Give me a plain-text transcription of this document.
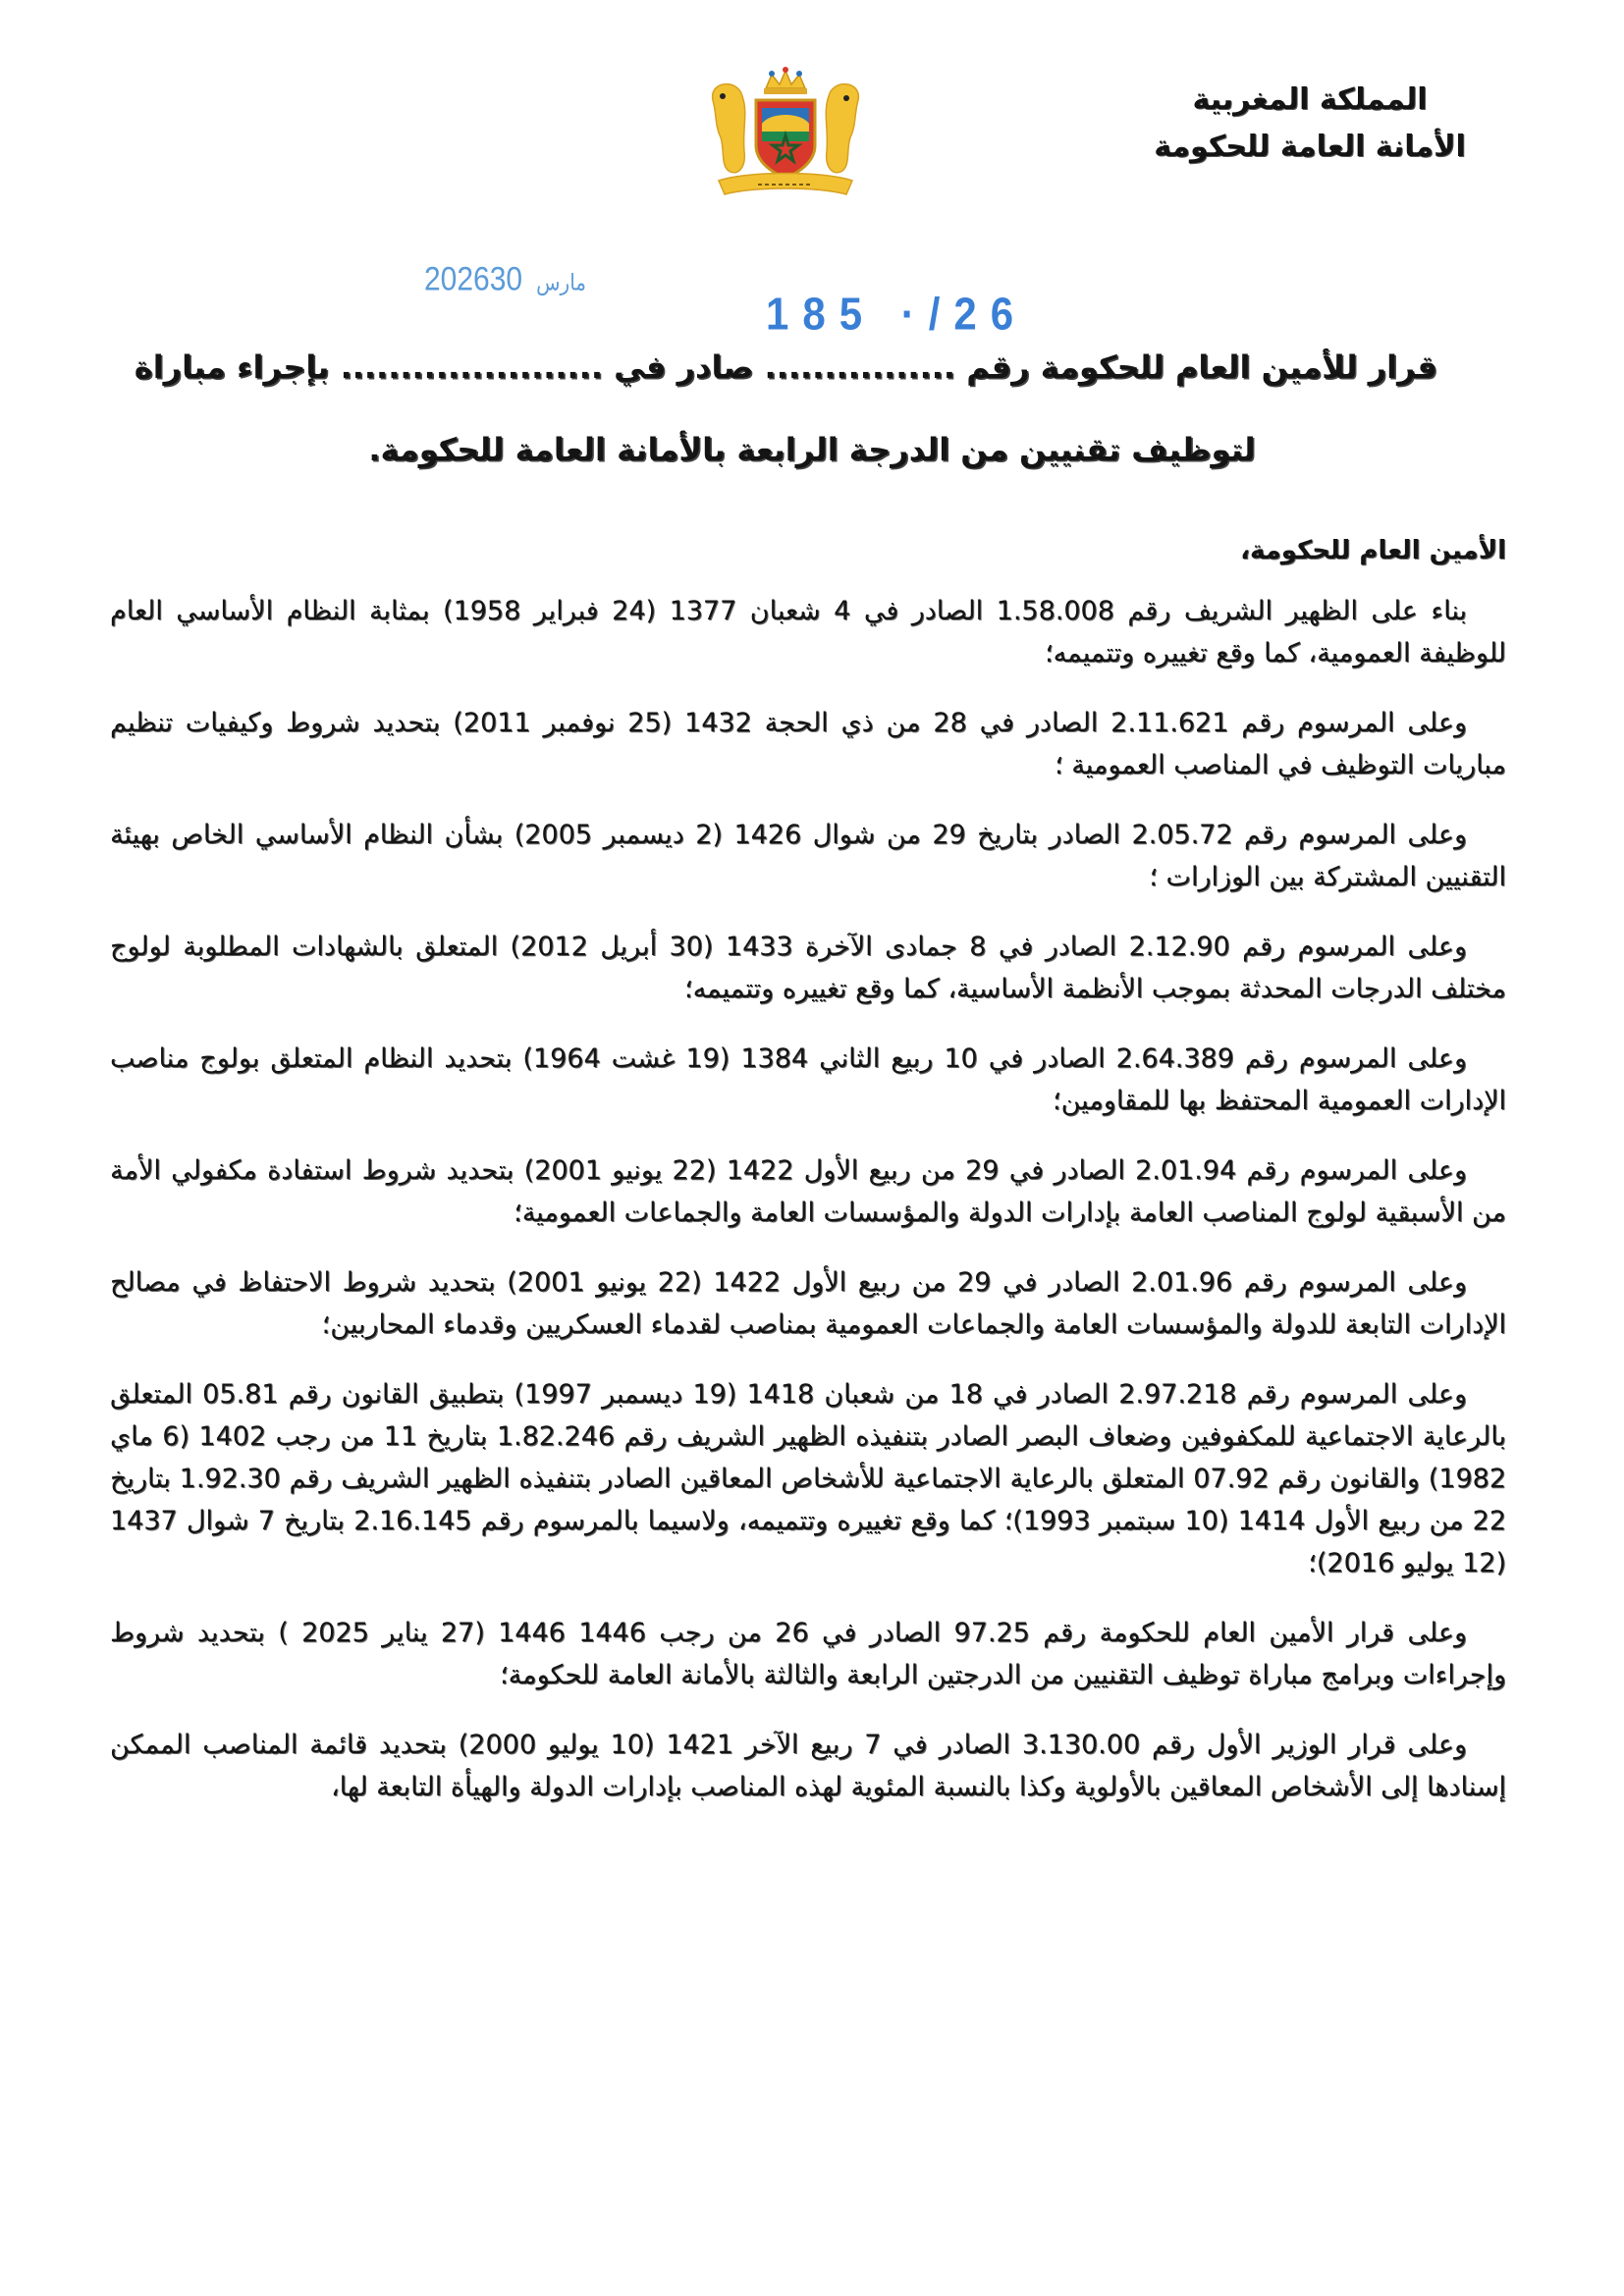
المملكة المغربية
الأمانة العامة للحكومة
2026 مارس30
185 ·/26
قرار للأمين العام للحكومة رقم ................ صادر في ...................... بإجراء مباراة
لتوظيف تقنيين من الدرجة الرابعة بالأمانة العامة للحكومة.

الأمين العام للحكومة،

بناء على الظهير الشريف رقم 1.58.008 الصادر في 4 شعبان 1377 (24 فبراير 1958) بمثابة النظام الأساسي العام للوظيفة العمومية، كما وقع تغييره وتتميمه؛

وعلى المرسوم رقم 2.11.621 الصادر في 28 من ذي الحجة 1432 (25 نوفمبر 2011) بتحديد شروط وكيفيات تنظيم مباريات التوظيف في المناصب العمومية ؛

وعلى المرسوم رقم 2.05.72 الصادر بتاريخ 29 من شوال 1426 (2 ديسمبر 2005) بشأن النظام الأساسي الخاص بهيئة التقنيين المشتركة بين الوزارات ؛

وعلى المرسوم رقم 2.12.90 الصادر في 8 جمادى الآخرة 1433 (30 أبريل 2012) المتعلق بالشهادات المطلوبة لولوج مختلف الدرجات المحدثة بموجب الأنظمة الأساسية، كما وقع تغييره وتتميمه؛

وعلى المرسوم رقم 2.64.389 الصادر في 10 ربيع الثاني 1384 (19 غشت 1964) بتحديد النظام المتعلق بولوج مناصب الإدارات العمومية المحتفظ بها للمقاومين؛

وعلى المرسوم رقم 2.01.94 الصادر في 29 من ربيع الأول 1422 (22 يونيو 2001) بتحديد شروط استفادة مكفولي الأمة من الأسبقية لولوج المناصب العامة بإدارات الدولة والمؤسسات العامة والجماعات العمومية؛

وعلى المرسوم رقم 2.01.96 الصادر في 29 من ربيع الأول 1422 (22 يونيو 2001) بتحديد شروط الاحتفاظ في مصالح الإدارات التابعة للدولة والمؤسسات العامة والجماعات العمومية بمناصب لقدماء العسكريين وقدماء المحاربين؛

وعلى المرسوم رقم 2.97.218 الصادر في 18 من شعبان 1418 (19 ديسمبر 1997) بتطبيق القانون رقم 05.81 المتعلق بالرعاية الاجتماعية للمكفوفين وضعاف البصر الصادر بتنفيذه الظهير الشريف رقم 1.82.246 بتاريخ 11 من رجب 1402 (6 ماي 1982) والقانون رقم 07.92 المتعلق بالرعاية الاجتماعية للأشخاص المعاقين الصادر بتنفيذه الظهير الشريف رقم 1.92.30 بتاريخ 22 من ربيع الأول 1414 (10 سبتمبر 1993)؛ كما وقع تغييره وتتميمه، ولاسيما بالمرسوم رقم 2.16.145 بتاريخ 7 شوال 1437 (12 يوليو 2016)؛

وعلى قرار الأمين العام للحكومة رقم 97.25 الصادر في 26 من رجب 1446 1446 (27 يناير 2025 ) بتحديد شروط وإجراءات وبرامج مباراة توظيف التقنيين من الدرجتين الرابعة والثالثة بالأمانة العامة للحكومة؛

وعلى قرار الوزير الأول رقم 3.130.00 الصادر في 7 ربيع الآخر 1421 (10 يوليو 2000) بتحديد قائمة المناصب الممكن إسنادها إلى الأشخاص المعاقين بالأولوية وكذا بالنسبة المئوية لهذه المناصب بإدارات الدولة والهيأة التابعة لها،
